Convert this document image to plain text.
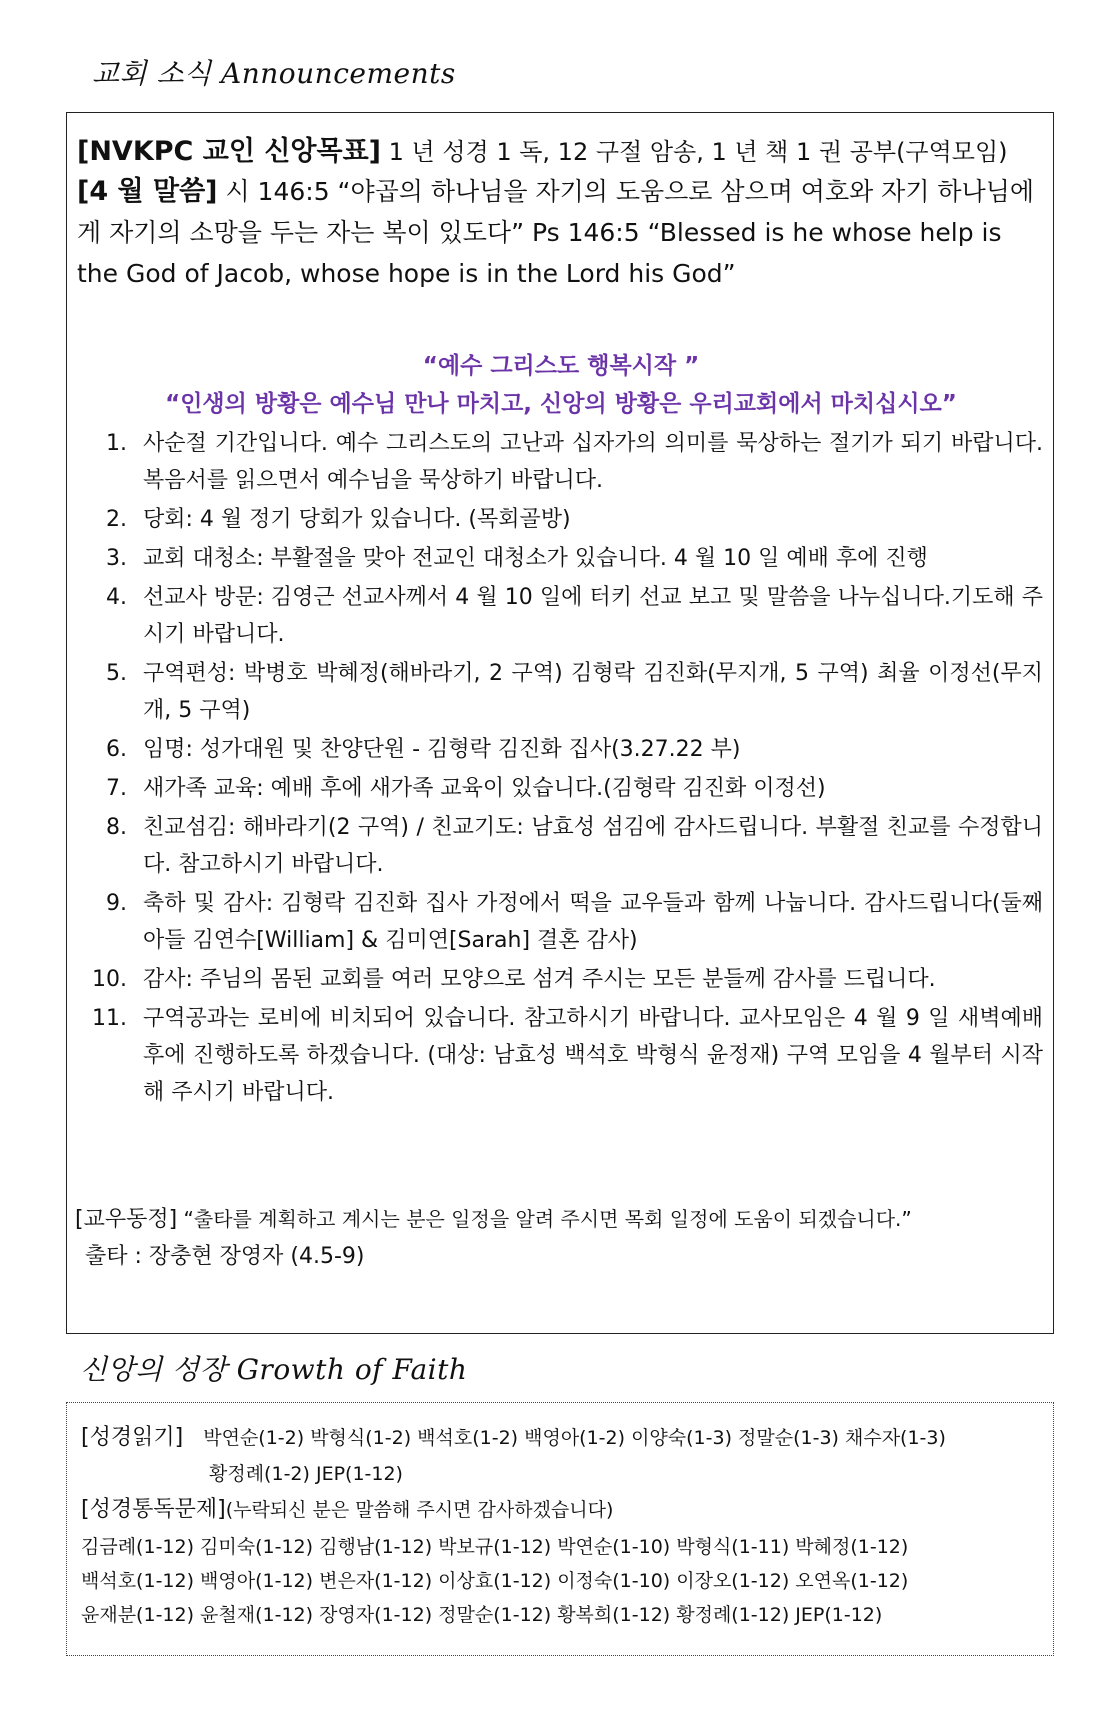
교회 소식 Announcements
[NVKPC 교인 신앙목표] 1 년 성경 1 독, 12 구절 암송, 1 년 책 1 권 공부(구역모임)
[4 월 말씀] 시 146:5 “야곱의 하나님을 자기의 도움으로 삼으며 여호와 자기 하나님에게 자기의 소망을 두는 자는 복이 있도다” Ps 146:5 “Blessed is he whose help is the God of Jacob, whose hope is in the Lord his God”
“예수 그리스도 행복시작 ”
“인생의 방황은 예수님 만나 마치고, 신앙의 방황은 우리교회에서 마치십시오”
1. 사순절 기간입니다. 예수 그리스도의 고난과 십자가의 의미를 묵상하는 절기가 되기 바랍니다. 복음서를 읽으면서 예수님을 묵상하기 바랍니다.
2. 당회: 4 월 정기 당회가 있습니다. (목회골방)
3. 교회 대청소: 부활절을 맞아 전교인 대청소가 있습니다. 4 월 10 일 예배 후에 진행
4. 선교사 방문: 김영근 선교사께서 4 월 10 일에 터키 선교 보고 및 말씀을 나누십니다.기도해 주시기 바랍니다.
5. 구역편성: 박병호 박혜정(해바라기, 2 구역) 김형락 김진화(무지개, 5 구역) 최율 이정선(무지개, 5 구역)
6. 임명: 성가대원 및 찬양단원 - 김형락 김진화 집사(3.27.22 부)
7. 새가족 교육: 예배 후에 새가족 교육이 있습니다.(김형락 김진화 이정선)
8. 친교섬김: 해바라기(2 구역) / 친교기도: 남효성 섬김에 감사드립니다. 부활절 친교를 수정합니다. 참고하시기 바랍니다.
9. 축하 및 감사: 김형락 김진화 집사 가정에서 떡을 교우들과 함께 나눕니다. 감사드립니다(둘째 아들 김연수[William] & 김미연[Sarah] 결혼 감사)
10. 감사: 주님의 몸된 교회를 여러 모양으로 섬겨 주시는 모든 분들께 감사를 드립니다.
11. 구역공과는 로비에 비치되어 있습니다. 참고하시기 바랍니다. 교사모임은 4 월 9 일 새벽예배 후에 진행하도록 하겠습니다. (대상: 남효성 백석호 박형식 윤정재) 구역 모임을 4 월부터 시작해 주시기 바랍니다.
[교우동정] “출타를 계획하고 계시는 분은 일정을 알려 주시면 목회 일정에 도움이 되겠습니다.”
출타 : 장충현 장영자 (4.5-9)
신앙의 성장 Growth of Faith
[성경읽기] 박연순(1-2) 박형식(1-2) 백석호(1-2) 백영아(1-2) 이양숙(1-3) 정말순(1-3) 채수자(1-3)
황정례(1-2) JEP(1-12)
[성경통독문제](누락되신 분은 말씀해 주시면 감사하겠습니다)
김금례(1-12) 김미숙(1-12) 김행남(1-12) 박보규(1-12) 박연순(1-10) 박형식(1-11) 박혜정(1-12)
백석호(1-12) 백영아(1-12) 변은자(1-12) 이상효(1-12) 이정숙(1-10) 이장오(1-12) 오연옥(1-12)
윤재분(1-12) 윤철재(1-12) 장영자(1-12) 정말순(1-12) 황복희(1-12) 황정례(1-12) JEP(1-12)
